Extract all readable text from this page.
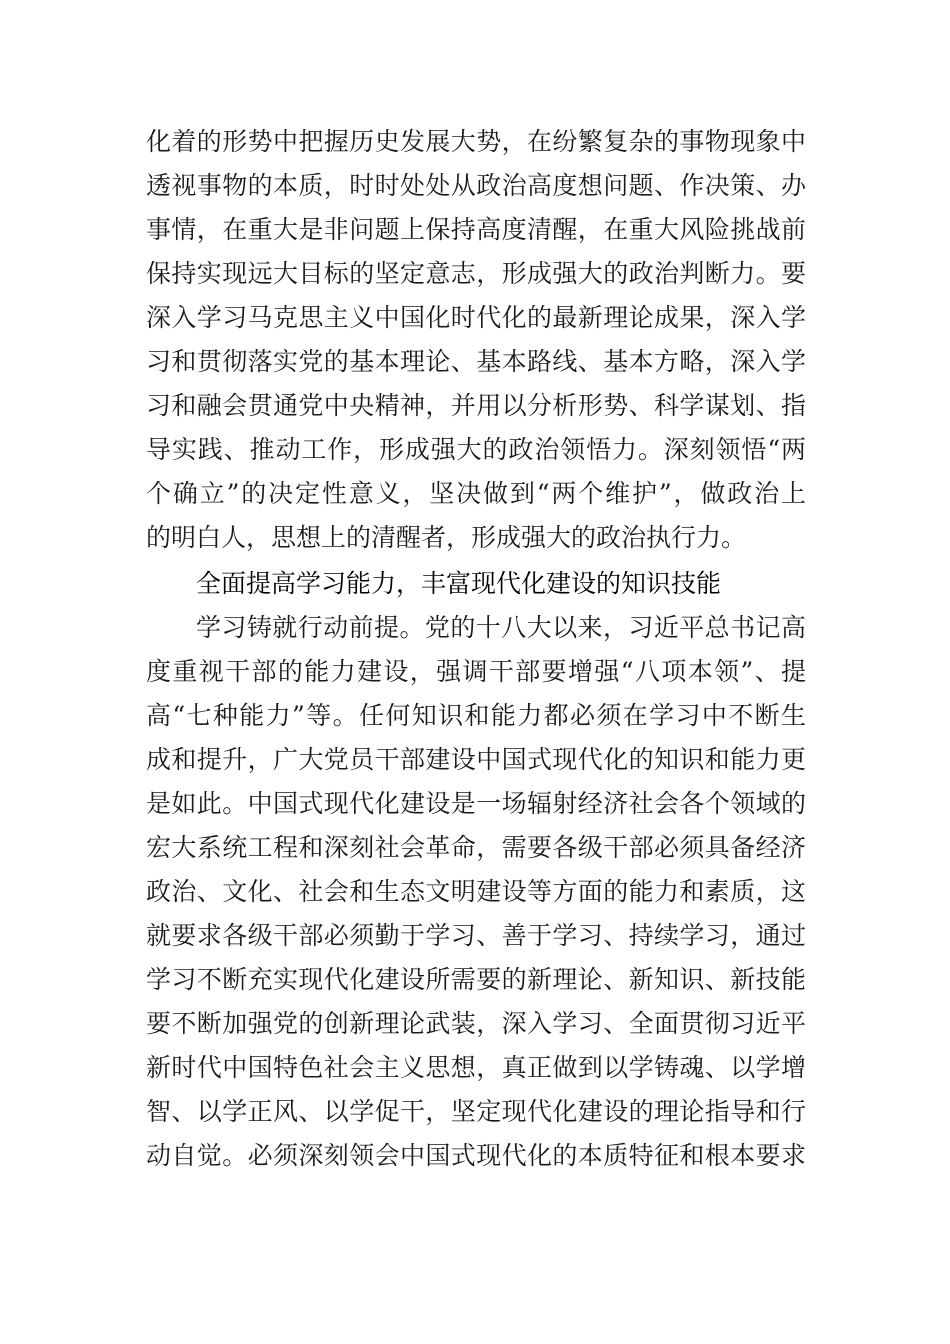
化着的形势中把握历史发展大势，在纷繁复杂的事物现象中
透视事物的本质，时时处处从政治高度想问题、作决策、办
事情，在重大是非问题上保持高度清醒，在重大风险挑战前
保持实现远大目标的坚定意志，形成强大的政治判断力。要
深入学习马克思主义中国化时代化的最新理论成果，深入学
习和贯彻落实党的基本理论、基本路线、基本方略，深入学
习和融会贯通党中央精神，并用以分析形势、科学谋划、指
导实践、推动工作，形成强大的政治领悟力。深刻领悟“两
个确立”的决定性意义，坚决做到“两个维护”，做政治上
的明白人，思想上的清醒者，形成强大的政治执行力。
全面提高学习能力，丰富现代化建设的知识技能
学习铸就行动前提。党的十八大以来，习近平总书记高
度重视干部的能力建设，强调干部要增强“八项本领”、提
高“七种能力”等。任何知识和能力都必须在学习中不断生
成和提升，广大党员干部建设中国式现代化的知识和能力更
是如此。中国式现代化建设是一场辐射经济社会各个领域的
宏大系统工程和深刻社会革命，需要各级干部必须具备经济
政治、文化、社会和生态文明建设等方面的能力和素质，这
就要求各级干部必须勤于学习、善于学习、持续学习，通过
学习不断充实现代化建设所需要的新理论、新知识、新技能
要不断加强党的创新理论武装，深入学习、全面贯彻习近平
新时代中国特色社会主义思想，真正做到以学铸魂、以学增
智、以学正风、以学促干，坚定现代化建设的理论指导和行
动自觉。必须深刻领会中国式现代化的本质特征和根本要求
